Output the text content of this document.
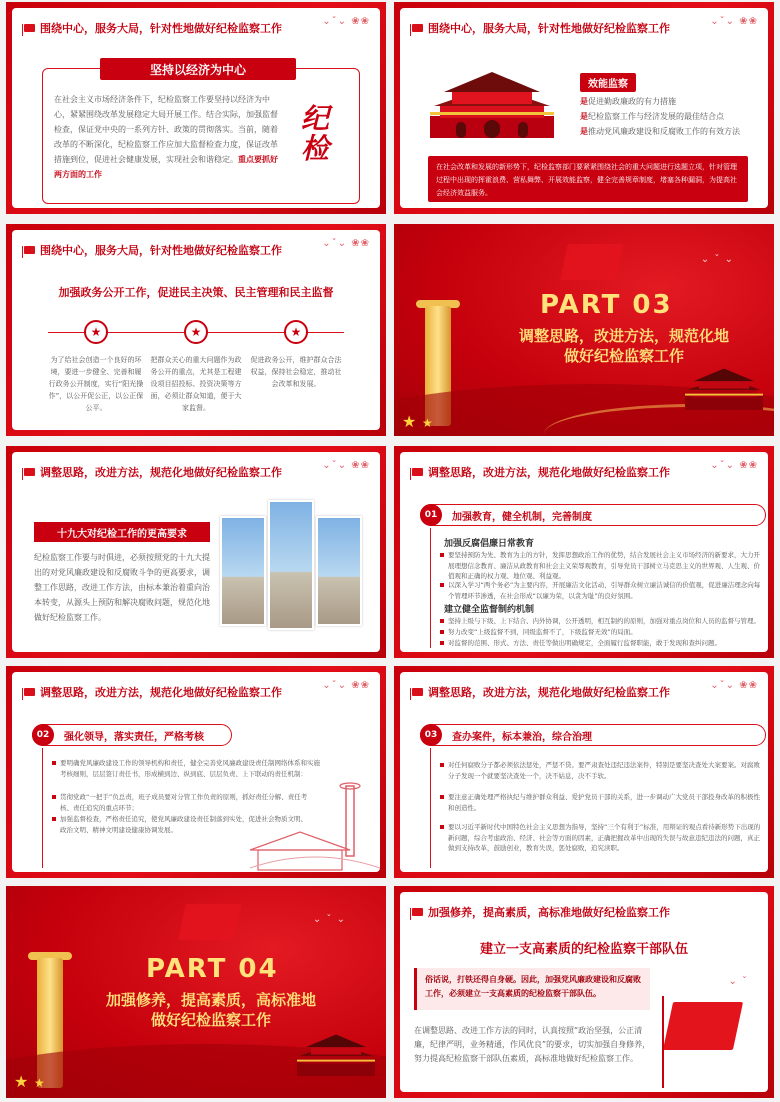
围绕中心，服务大局，针对性地做好纪检监察工作
⌄ˇ⌄ ❀❀
坚持以经济为中心
在社会主义市场经济条件下，纪检监察工作要坚持以经济为中心，紧紧围绕改革发展稳定大局开展工作。结合实际，加强监督检查，保证党中央的一系列方针、政策的贯彻落实。当前，随着改革的不断深化，纪检监察工作应加大监督检查力度，保证改革措施到位，促进社会健康发展，实现社会和谐稳定。重点要抓好两方面的工作
纪
检
围绕中心，服务大局，针对性地做好纪检监察工作
⌄ˇ⌄ ❀❀
效能监察
是促进勤政廉政的有力措施
是纪检监察工作与经济发展的最佳结合点
是推动党风廉政建设和反腐败工作的有效方法
在社会改革和发展的新形势下，纪检监察部门要紧紧围绕社会的重大问题进行选题立项，针对管理过程中出现的挥霍浪费、营私舞弊、开展效能监察，健全完善规章制度，堵塞各种漏洞，为提高社会经济效益服务。
围绕中心，服务大局，针对性地做好纪检监察工作
⌄ˇ⌄ ❀❀
加强政务公开工作，促进民主决策、民主管理和民主监督
★	★	★
为了给社会创造一个良好的环境，要进一步健全、完善和履行政务公开制度，实行“阳光操作”，以公开促公正，以公正保公平。
把群众关心的重大问题作为政务公开的重点，尤其是工程建设项目招投标、投资决策等方面，必须让群众知道，便于大家监督。
促进政务公开，维护群众合法权益，保持社会稳定，推动社会改革和发展。
⌄ ˇ ⌄
★ ★
PART 03
调整思路，改进方法，规范化地做好纪检监察工作
调整思路，改进方法，规范化地做好纪检监察工作
⌄ˇ⌄ ❀❀
十九大对纪检工作的更高要求
纪检监察工作要与时俱进，必须按照党的十九大提出的对党风廉政建设和反腐败斗争的更高要求，调整工作思路，改进工作方法，由标本兼治着重向治本转变，从源头上预防和解决腐败问题，规范化地做好纪检监察工作。
调整思路，改进方法，规范化地做好纪检监察工作
⌄ˇ⌄ ❀❀
01	加强教育，健全机制，完善制度
加强反腐倡廉日常教育
要坚持预防为先、教育为主的方针，发挥思想政治工作的优势，结合发展社会主义市场经济的新要求，大力开展理想信念教育、廉洁从政教育和社会主义荣辱观教育，引导党员干部树立马克思主义的世界观、人生观、价值观和正确的权力观、地位观、利益观。
以深入学习“两个务必”为主要内容，开展廉洁文化活动，引导群众树立廉洁诚信的价值观，促进廉洁理念向每个管理环节渗透，在社会形成“以廉为荣，以贪为耻”的良好氛围。
建立健全监督制约机制
坚持上级与下级、上下结合、内外协调，公开透明，相互制约的原则，加强对重点岗位和人员的监督与管理。
努力改变“上级监督不到，同级监督不了，下级监督无效”的局面。
对监督的范围、形式、方法、责任等做出明确规定，全面履行监督职能，敢于发现和查纠问题。
调整思路，改进方法，规范化地做好纪检监察工作
⌄ˇ⌄ ❀❀
02	强化领导，落实责任，严格考核
要明确党风廉政建设工作的领导机构和责任，健全完善党风廉政建设责任制网络体系和实施考核细则，层层签订责任书，形成横到边、纵到底、层层负责、上下联动的责任机制：
贯彻党政“一把手”负总责，班子成员要对分管工作负责的原则，抓好责任分解、责任考核、责任追究的重点环节；
加强监督检查，严格责任追究，使党风廉政建设责任制落到实处，促进社会物质文明、政治文明、精神文明建设健康协调发展。
调整思路，改进方法，规范化地做好纪检监察工作
⌄ˇ⌄ ❀❀
03	查办案件，标本兼治，综合治理
对任何腐败分子都必须依法惩处，严惩不贷。要严肃查处违纪违法案件，特别是要坚决查处大案要案。对腐败分子发现一个就要坚决查处一个，决不姑息，决不手软。
要注意正确处理严格执纪与维护群众利益、爱护党员干部的关系，进一步调动广大党员干部投身改革的积极性和创造性。
要以习近平新时代中国特色社会主义思想为指导，坚持“三个有利于”标准，用辩证的观点看待新形势下出现的新问题，综合考虑政治、经济、社会等方面的因素，正确把握改革中出现的失误与故意违纪违法的问题，真正做到支持改革，鼓励创业，教育失误，惩处腐败，追究渎职。
⌄ ˇ ⌄
★ ★
PART 04
加强修养，提高素质，高标准地做好纪检监察工作
加强修养，提高素质，高标准地做好纪检监察工作
建立一支高素质的纪检监察干部队伍
俗话说，打铁还得自身硬。因此，加强党风廉政建设和反腐败工作，必须建立一支高素质的纪检监察干部队伍。
在调整思路、改进工作方法的同时，认真按照“政治坚强，公正清廉，纪律严明，业务精通，作风优良”的要求，切实加强自身修养，努力提高纪检监察干部队伍素质，高标准地做好纪检监察工作。
⌄ ˇ
